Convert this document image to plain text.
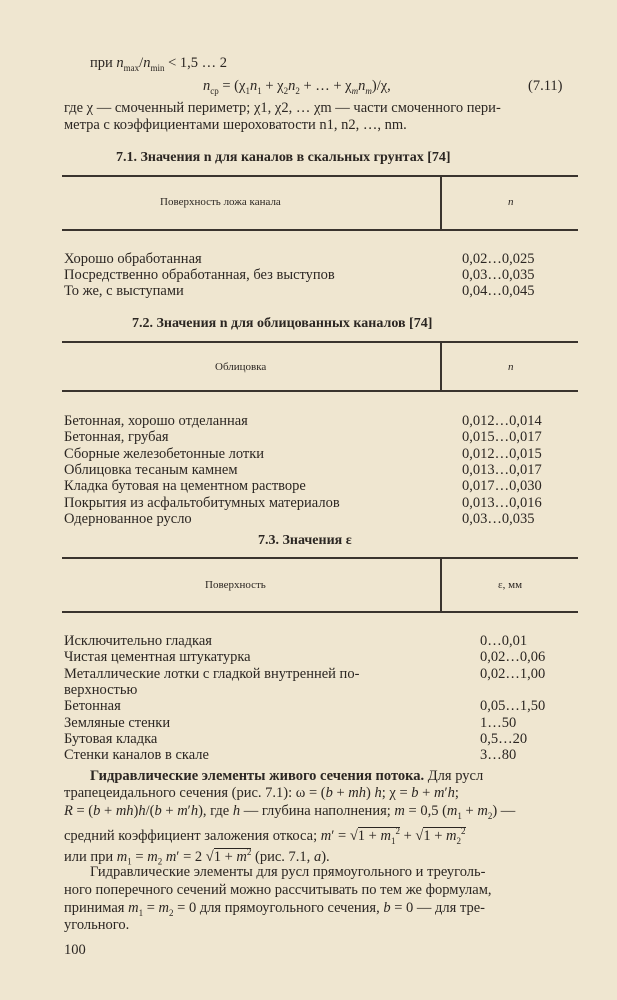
при $n_{max}/n_{min} < 1,5$ … 2
$n_{ср} = (\chi_1n_1 + \chi_2n_2$ + … + $\chi_mn_m)/\chi$,	(7.11)
где χ — смоченный периметр; χ1, χ2, … χm — части смоченного пери-
метра с коэффициентами шероховатости n1, n2, …, nm.
7.1. Значения n для каналов в скальных грунтах [74]
Поверхность ложа канала	n
Хорошо обработанная	0,02…0,025
Посредственно обработанная, без выступов	0,03…0,035
То же, с выступами	0,04…0,045
7.2. Значения n для облицованных каналов [74]
Облицовка	n
Бетонная, хорошо отделанная	0,012…0,014
Бетонная, грубая	0,015…0,017
Сборные железобетонные лотки	0,012…0,015
Облицовка тесаным камнем	0,013…0,017
Кладка бутовая на цементном растворе	0,017…0,030
Покрытия из асфальтобитумных материалов	0,013…0,016
Одернованное русло	0,03…0,035
7.3. Значения ε
Поверхность	ε, мм
Исключительно гладкая	0…0,01
Чистая цементная штукатурка	0,02…0,06
Металлические лотки с гладкой внутренней по-	0,02…1,00
верхностью
Бетонная	0,05…1,50
Земляные стенки	1…50
Бутовая кладка	0,5…20
Стенки каналов в скале	3…80
Гидравлические элементы живого сечения потока. Для русл
трапецеидального сечения (рис. 7.1): ω = (b + mh) h; χ = b + m′h;
R = (b + mh)h/(b + m′h), где h — глубина наполнения; m = 0,5 $(m_1 + m_2)$ —
средний коэффициент заложения откоса; $m' = √1 + m_1^2 + √1 + m_2^2$
или при $m_1 = m_2$ m′ = 2 $√1 + m^2$ (рис. 7.1, а).
Гидравлические элементы для русл прямоугольного и треуголь-
ного поперечного сечений можно рассчитывать по тем же формулам,
принимая $m_1 = m_2 = 0$ для прямоугольного сечения, b = 0 — для тре-
угольного.
100
